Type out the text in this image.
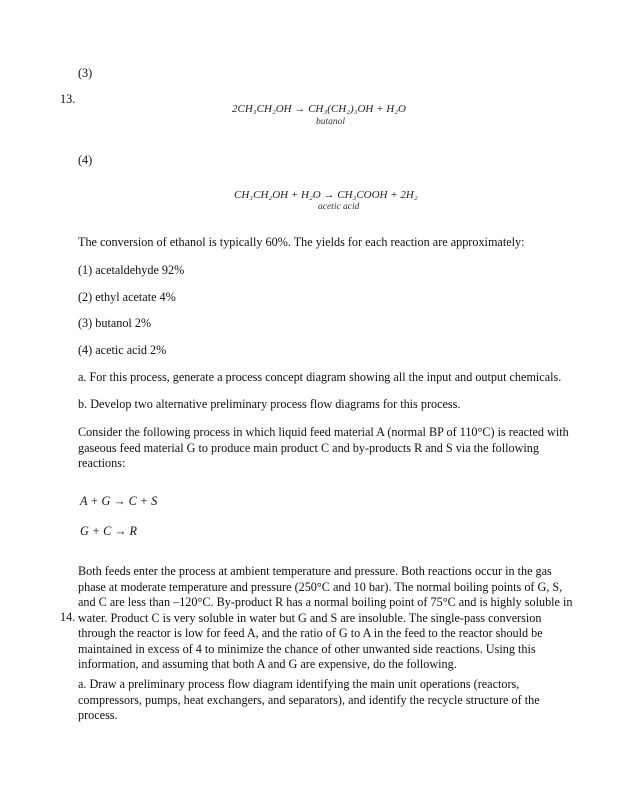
(3)
13.
2CH₃CH₂OH → CH₃(CH₂)₃OH + H₂O
butanol
(4)
CH₃CH₂OH + H₂O → CH₃COOH + 2H₂
acetic acid
The conversion of ethanol is typically 60%. The yields for each reaction are approximately:
(1) acetaldehyde 92%
(2) ethyl acetate 4%
(3) butanol 2%
(4) acetic acid 2%
a. For this process, generate a process concept diagram showing all the input and output chemicals.
b. Develop two alternative preliminary process flow diagrams for this process.
Consider the following process in which liquid feed material A (normal BP of 110°C) is reacted with
gaseous feed material G to produce main product C and by-products R and S via the following
reactions:
A + G → C + S
G + C → R
Both feeds enter the process at ambient temperature and pressure. Both reactions occur in the gas
phase at moderate temperature and pressure (250°C and 10 bar). The normal boiling points of G, S,
and C are less than –120°C. By-product R has a normal boiling point of 75°C and is highly soluble in
water. Product C is very soluble in water but G and S are insoluble. The single-pass conversion
through the reactor is low for feed A, and the ratio of G to A in the feed to the reactor should be
maintained in excess of 4 to minimize the chance of other unwanted side reactions. Using this
information, and assuming that both A and G are expensive, do the following.
14.
a. Draw a preliminary process flow diagram identifying the main unit operations (reactors,
compressors, pumps, heat exchangers, and separators), and identify the recycle structure of the
process.
